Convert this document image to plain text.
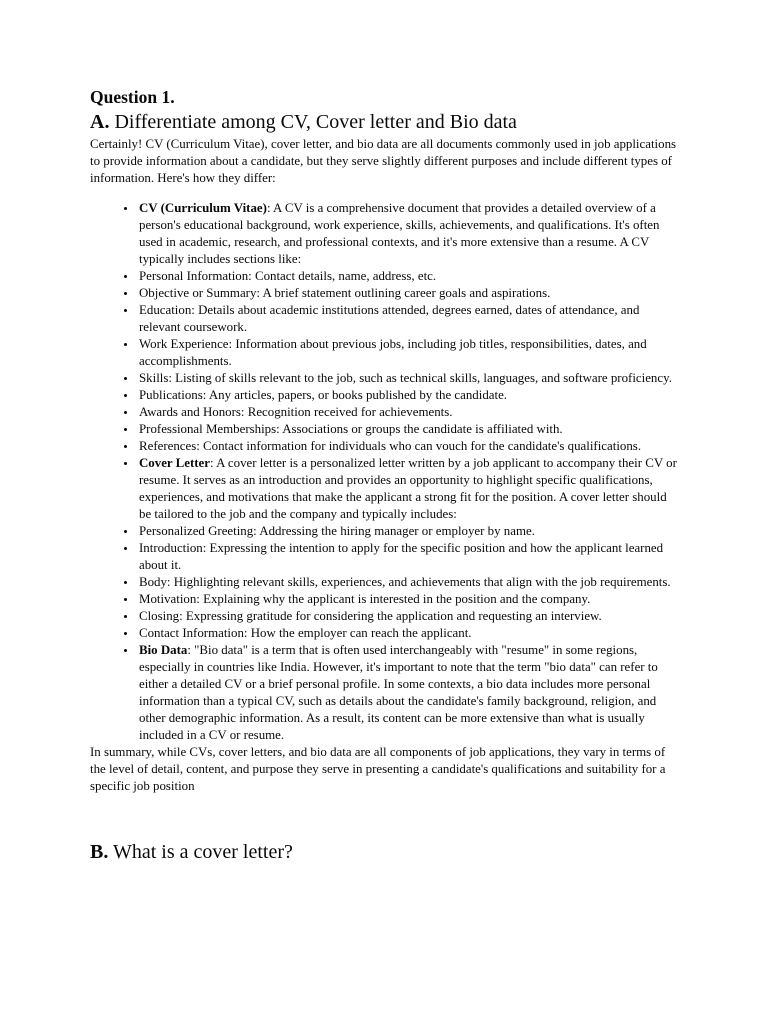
Question 1.
A. Differentiate among CV, Cover letter and Bio data

Certainly! CV (Curriculum Vitae), cover letter, and bio data are all documents commonly used in job applications to provide information about a candidate, but they serve slightly different purposes and include different types of information. Here's how they differ:

• CV (Curriculum Vitae): A CV is a comprehensive document that provides a detailed overview of a person's educational background, work experience, skills, achievements, and qualifications. It's often used in academic, research, and professional contexts, and it's more extensive than a resume. A CV typically includes sections like:
• Personal Information: Contact details, name, address, etc.
• Objective or Summary: A brief statement outlining career goals and aspirations.
• Education: Details about academic institutions attended, degrees earned, dates of attendance, and relevant coursework.
• Work Experience: Information about previous jobs, including job titles, responsibilities, dates, and accomplishments.
• Skills: Listing of skills relevant to the job, such as technical skills, languages, and software proficiency.
• Publications: Any articles, papers, or books published by the candidate.
• Awards and Honors: Recognition received for achievements.
• Professional Memberships: Associations or groups the candidate is affiliated with.
• References: Contact information for individuals who can vouch for the candidate's qualifications.
• Cover Letter: A cover letter is a personalized letter written by a job applicant to accompany their CV or resume. It serves as an introduction and provides an opportunity to highlight specific qualifications, experiences, and motivations that make the applicant a strong fit for the position. A cover letter should be tailored to the job and the company and typically includes:
• Personalized Greeting: Addressing the hiring manager or employer by name.
• Introduction: Expressing the intention to apply for the specific position and how the applicant learned about it.
• Body: Highlighting relevant skills, experiences, and achievements that align with the job requirements.
• Motivation: Explaining why the applicant is interested in the position and the company.
• Closing: Expressing gratitude for considering the application and requesting an interview.
• Contact Information: How the employer can reach the applicant.
• Bio Data: "Bio data" is a term that is often used interchangeably with "resume" in some regions, especially in countries like India. However, it's important to note that the term "bio data" can refer to either a detailed CV or a brief personal profile. In some contexts, a bio data includes more personal information than a typical CV, such as details about the candidate's family background, religion, and other demographic information. As a result, its content can be more extensive than what is usually included in a CV or resume.

In summary, while CVs, cover letters, and bio data are all components of job applications, they vary in terms of the level of detail, content, and purpose they serve in presenting a candidate's qualifications and suitability for a specific job position

B. What is a cover letter?
